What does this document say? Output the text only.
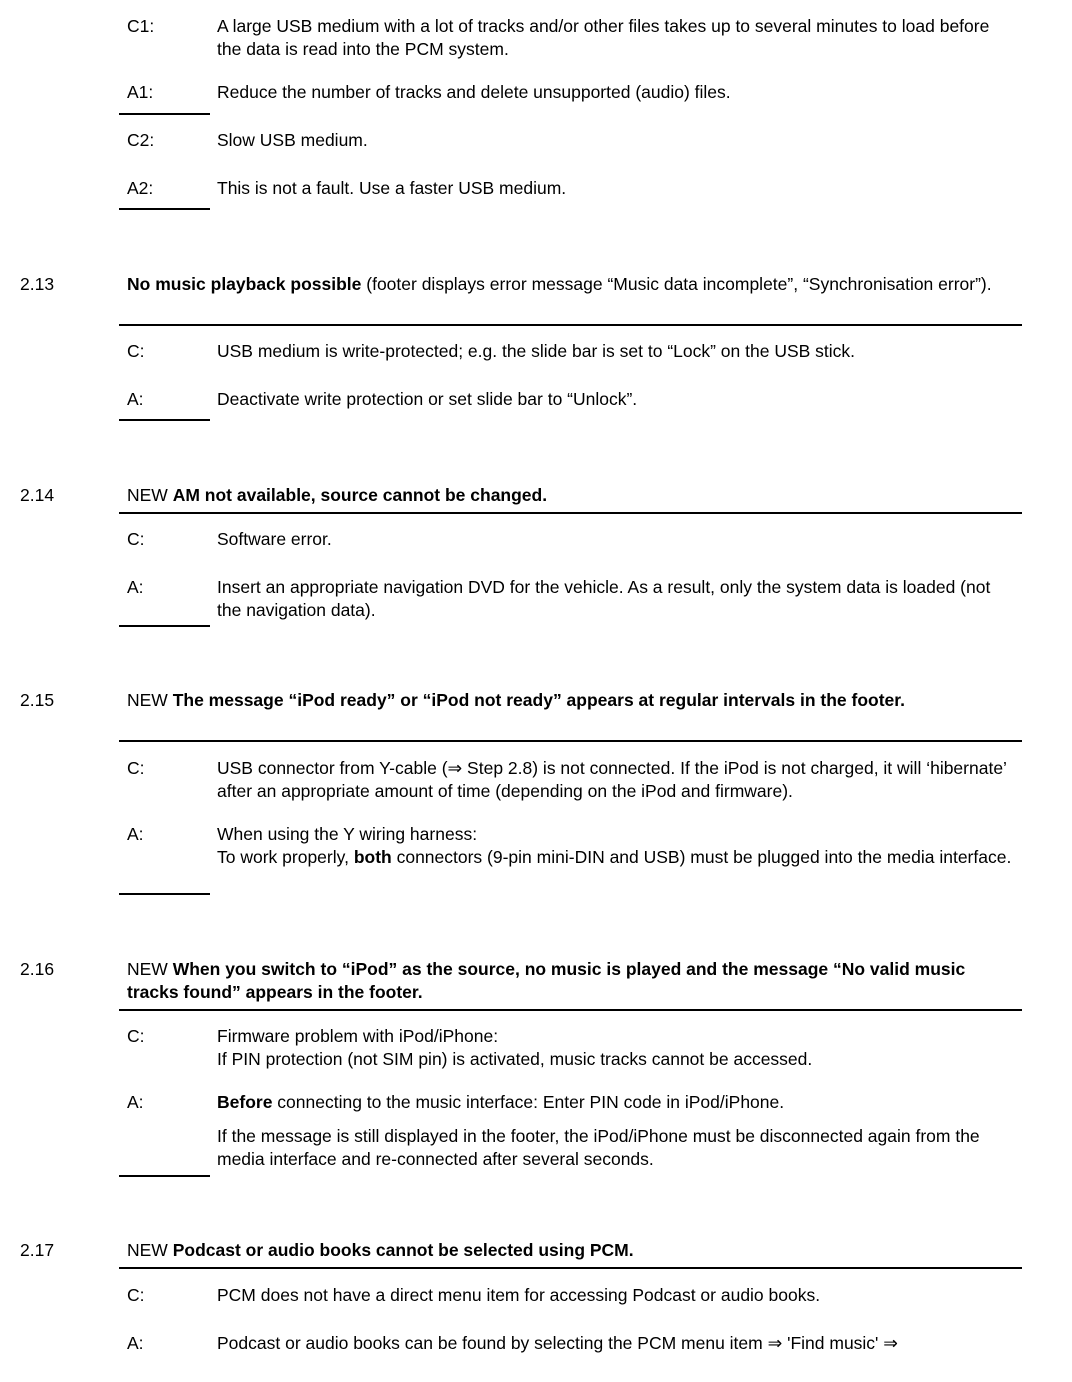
C1:	A large USB medium with a lot of tracks and/or other files takes up to several minutes to load before the data is read into the PCM system.
A1:	Reduce the number of tracks and delete unsupported (audio) files.
C2:	Slow USB medium.
A2:	This is not a fault. Use a faster USB medium.
2.13	No music playback possible (footer displays error message “Music data incomplete”, “Synchronisation error”).
C:	USB medium is write-protected; e.g. the slide bar is set to “Lock” on the USB stick.
A:	Deactivate write protection or set slide bar to “Unlock”.
2.14	NEW AM not available, source cannot be changed.
C:	Software error.
A:	Insert an appropriate navigation DVD for the vehicle. As a result, only the system data is loaded (not the navigation data).
2.15	NEW The message “iPod ready” or “iPod not ready” appears at regular intervals in the footer.
C:	USB connector from Y-cable (⇒ Step 2.8) is not connected. If the iPod is not charged, it will ‘hibernate’ after an appropriate amount of time (depending on the iPod and firmware).
A:	When using the Y wiring harness:
To work properly, both connectors (9-pin mini-DIN and USB) must be plugged into the media interface.
2.16	NEW When you switch to “iPod” as the source, no music is played and the message “No valid music tracks found” appears in the footer.
C:	Firmware problem with iPod/iPhone:
If PIN protection (not SIM pin) is activated, music tracks cannot be accessed.
A:	Before connecting to the music interface: Enter PIN code in iPod/iPhone.
If the message is still displayed in the footer, the iPod/iPhone must be disconnected again from the media interface and re-connected after several seconds.
2.17	NEW Podcast or audio books cannot be selected using PCM.
C:	PCM does not have a direct menu item for accessing Podcast or audio books.
A:	Podcast or audio books can be found by selecting the PCM menu item ⇒ 'Find music' ⇒
